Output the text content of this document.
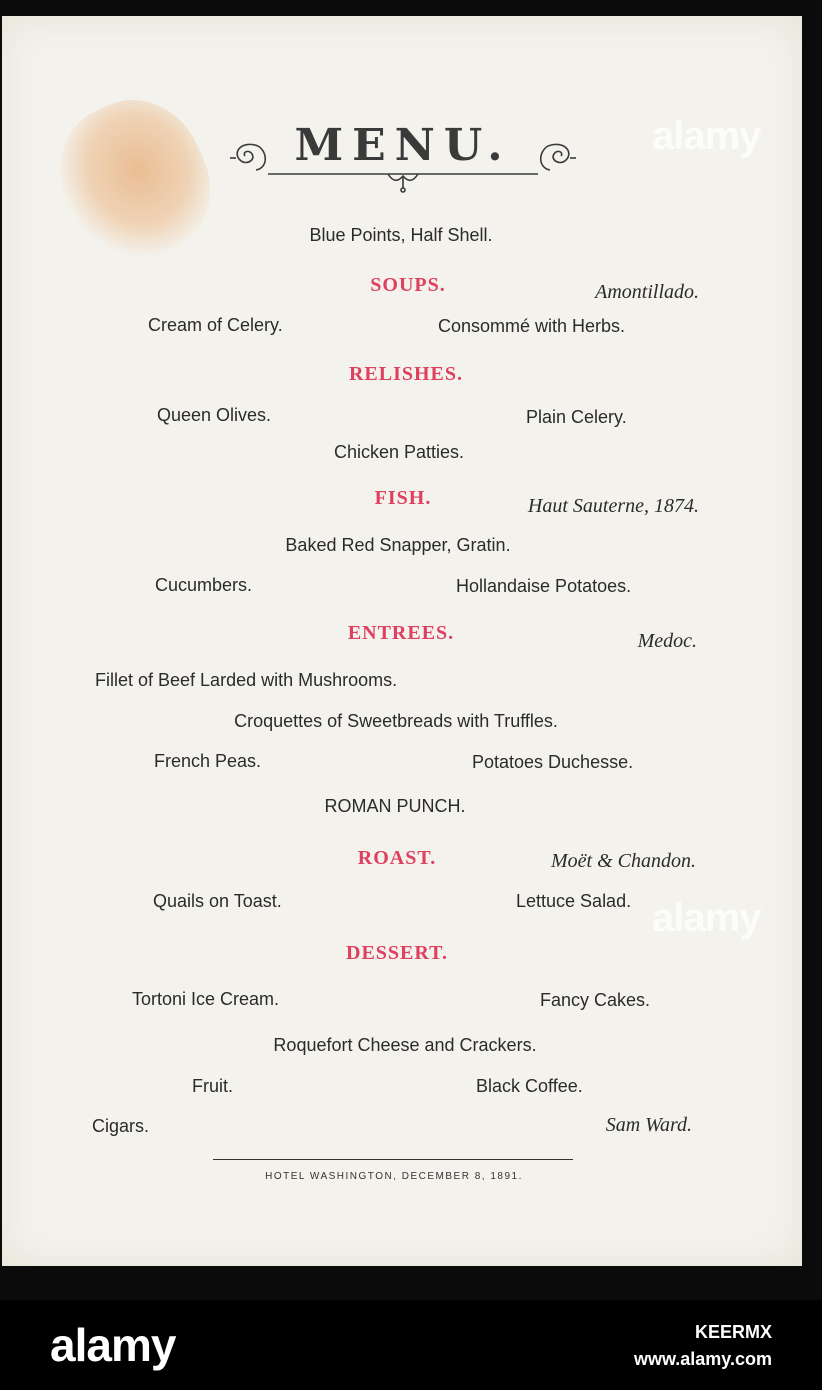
MENU.
Blue Points, Half Shell.
SOUPS.	Amontillado.
Cream of Celery.	Consommé with Herbs.
RELISHES.
Queen Olives.	Plain Celery.
Chicken Patties.
FISH.	Haut Sauterne, 1874.
Baked Red Snapper, Gratin.
Cucumbers.	Hollandaise Potatoes.
ENTREES.	Medoc.
Fillet of Beef Larded with Mushrooms.
Croquettes of Sweetbreads with Truffles.
French Peas.	Potatoes Duchesse.
ROMAN PUNCH.
ROAST.	Moët & Chandon.
Quails on Toast.	Lettuce Salad.
DESSERT.
Tortoni Ice Cream.	Fancy Cakes.
Roquefort Cheese and Crackers.
Fruit.	Black Coffee.
Cigars.	Sam Ward.
HOTEL WASHINGTON, DECEMBER 8, 1891.
alamy
alamy
alamy	KEERMX
www.alamy.com
